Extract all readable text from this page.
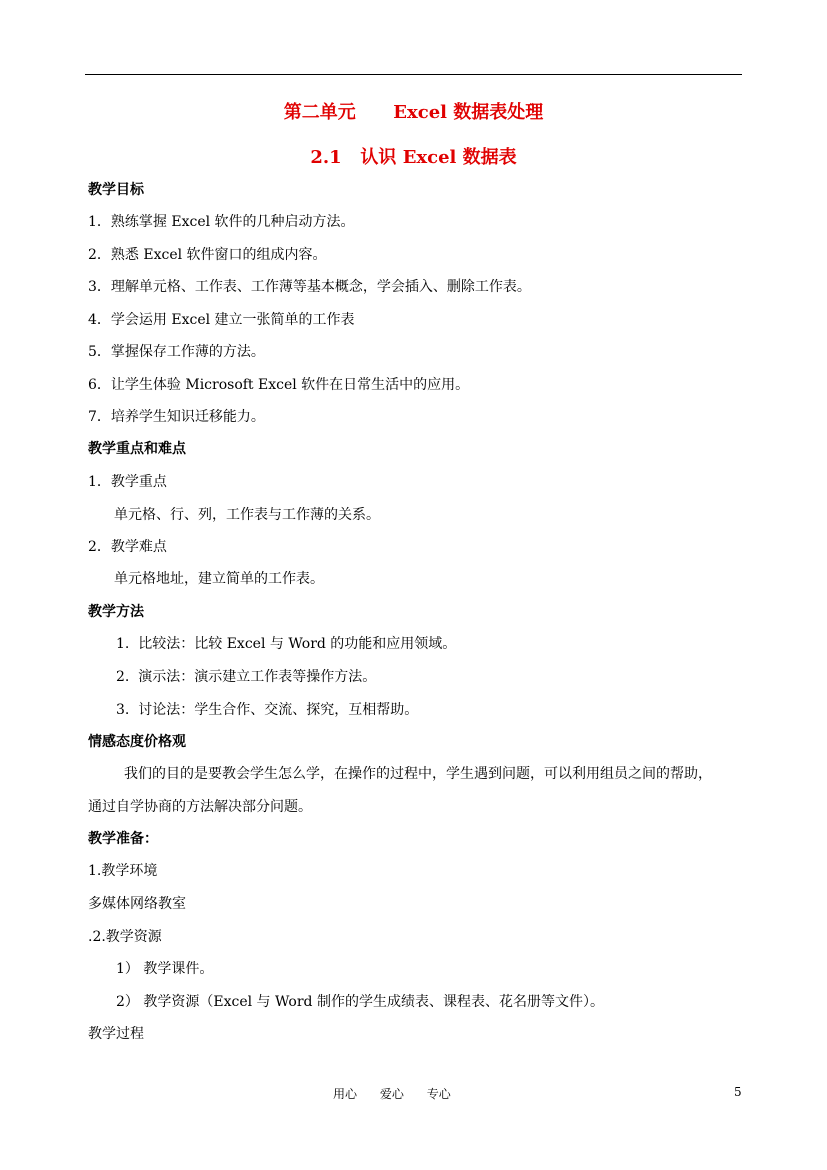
第二单元      Excel 数据表处理
2.1   认识 Excel 数据表
教学目标
1．熟练掌握 Excel 软件的几种启动方法。
2．熟悉 Excel 软件窗口的组成内容。
3．理解单元格、工作表、工作薄等基本概念，学会插入、删除工作表。
4．学会运用 Excel 建立一张简单的工作表
5．掌握保存工作薄的方法。
6．让学生体验 Microsoft Excel 软件在日常生活中的应用。
7．培养学生知识迁移能力。
教学重点和难点
1．教学重点
单元格、行、列，工作表与工作薄的关系。
2．教学难点
单元格地址，建立简单的工作表。
教学方法
1.  比较法：比较 Excel 与 Word 的功能和应用领域。
2.  演示法：演示建立工作表等操作方法。
3.  讨论法：学生合作、交流、探究，互相帮助。
情感态度价格观
我们的目的是要教会学生怎么学，在操作的过程中，学生遇到问题，可以利用组员之间的帮助，
通过自学协商的方法解决部分问题。
教学准备：
1.教学环境
多媒体网络教室
.2.教学资源
1） 教学课件。
2） 教学资源（Excel 与 Word 制作的学生成绩表、课程表、花名册等文件）。
教学过程
用心      爱心      专心	5
